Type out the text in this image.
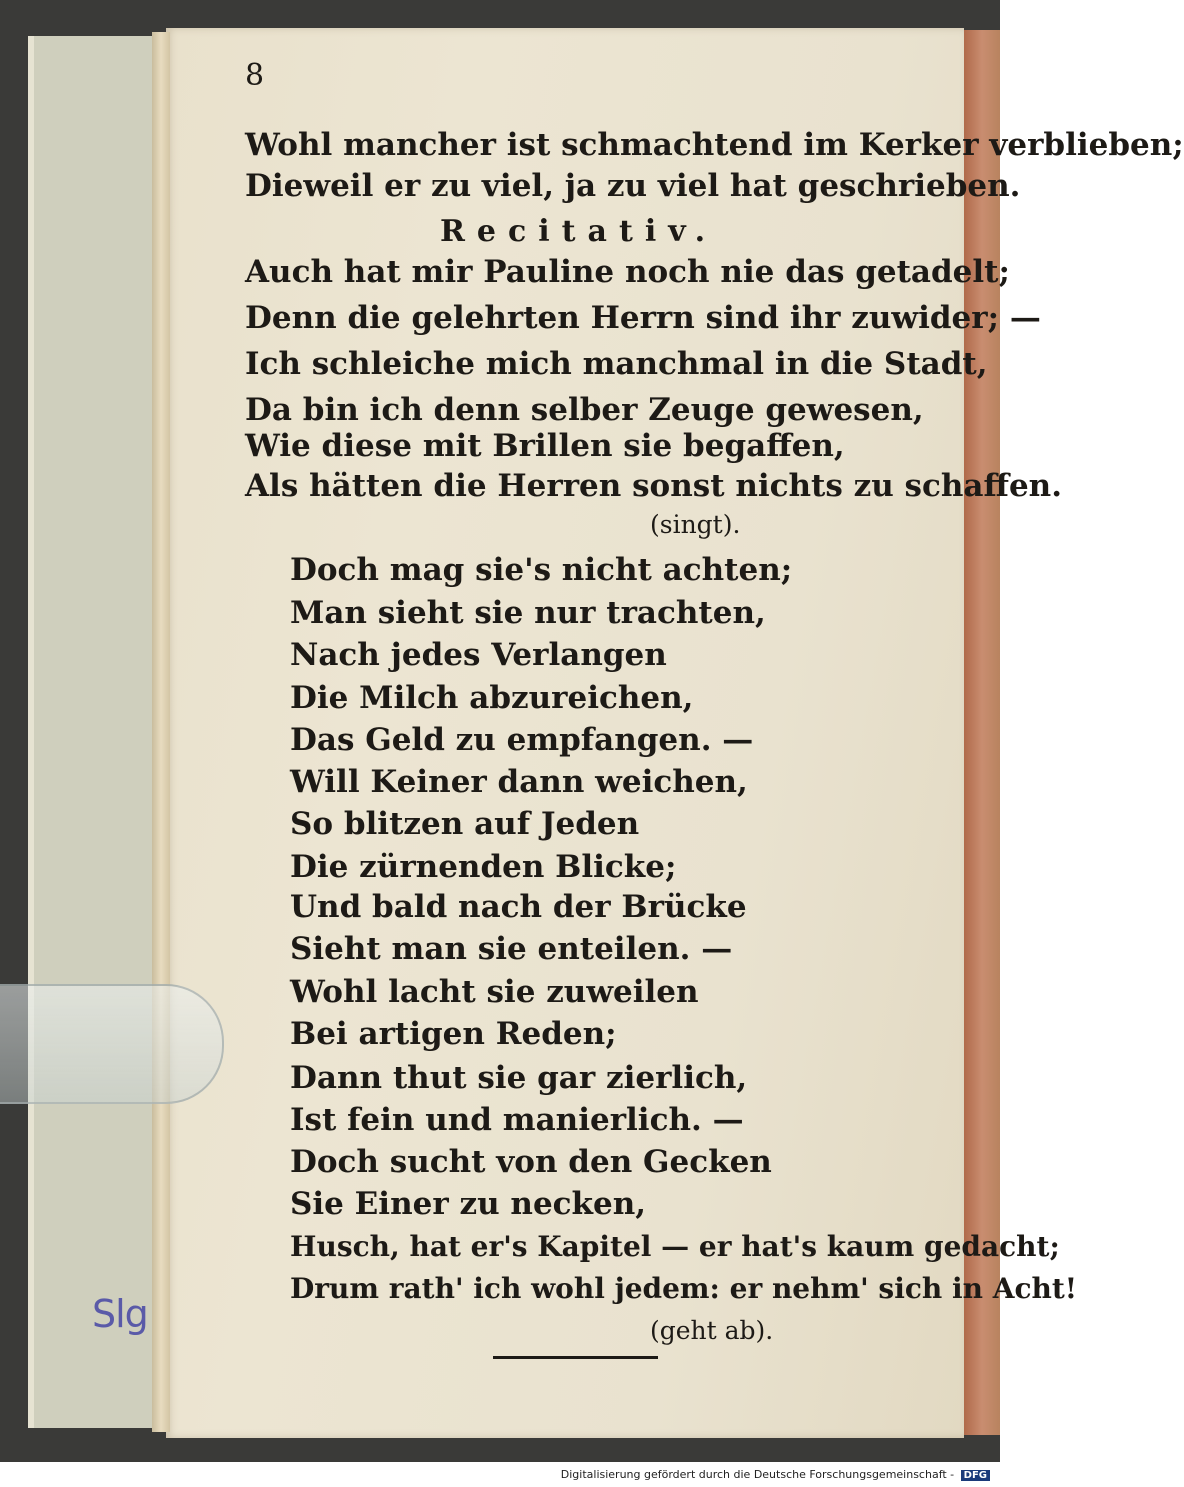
Slg

8

Wohl mancher ist schmachtend im Kerker verblieben;

Dieweil er zu viel, ja zu viel hat geschrieben.

Recitativ.

Auch hat mir Pauline noch nie das getadelt;

Denn die gelehrten Herrn sind ihr zuwider; —

Ich schleiche mich manchmal in die Stadt,

Da bin ich denn selber Zeuge gewesen,

Wie diese mit Brillen sie begaffen,

Als hätten die Herren sonst nichts zu schaffen.

(singt).

Doch mag sie's nicht achten;

Man sieht sie nur trachten,

Nach jedes Verlangen

Die Milch abzureichen,

Das Geld zu empfangen. —

Will Keiner dann weichen,

So blitzen auf Jeden

Die zürnenden Blicke;

Und bald nach der Brücke

Sieht man sie enteilen. —

Wohl lacht sie zuweilen

Bei artigen Reden;

Dann thut sie gar zierlich,

Ist fein und manierlich. —

Doch sucht von den Gecken

Sie Einer zu necken,

Husch, hat er's Kapitel — er hat's kaum gedacht;

Drum rath' ich wohl jedem: er nehm' sich in Acht!

(geht ab).

Digitalisierung gefördert durch die Deutsche Forschungsgemeinschaft - DFG
